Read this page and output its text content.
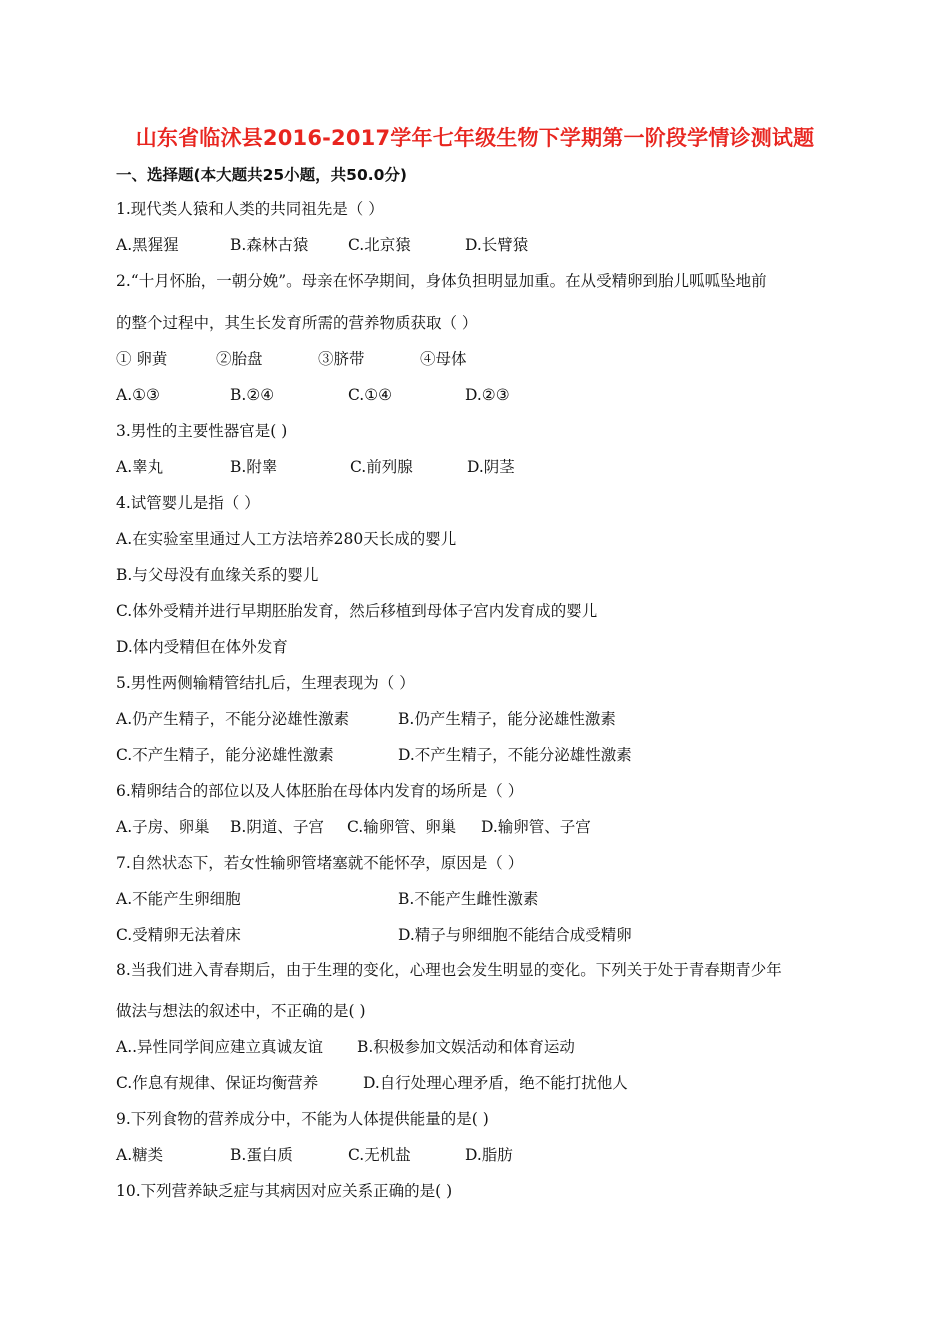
山东省临沭县2016-2017学年七年级生物下学期第一阶段学情诊测试题
一、选择题(本大题共25小题，共50.0分)
1.现代类人猿和人类的共同祖先是（ ）
A.黑猩猩	B.森林古猿	C.北京猿	D.长臂猿
2.“十月怀胎，一朝分娩”。母亲在怀孕期间，身体负担明显加重。在从受精卵到胎儿呱呱坠地前
的整个过程中，其生长发育所需的营养物质获取（ ）
① 卵黄	②胎盘	③脐带	④母体
A.①③	B.②④	C.①④	D.②③
3.男性的主要性器官是( )
A.睾丸	B.附睾	C.前列腺	D.阴茎
4.试管婴儿是指（ ）
A.在实验室里通过人工方法培养280天长成的婴儿
B.与父母没有血缘关系的婴儿
C.体外受精并进行早期胚胎发育，然后移植到母体子宫内发育成的婴儿
D.体内受精但在体外发育
5.男性两侧输精管结扎后，生理表现为（ ）
A.仍产生精子，不能分泌雄性激素	B.仍产生精子，能分泌雄性激素
C.不产生精子，能分泌雄性激素	D.不产生精子，不能分泌雄性激素
6.精卵结合的部位以及人体胚胎在母体内发育的场所是（ ）
A.子房、卵巢 B.阴道、子宫 C.输卵管、卵巢 D.输卵管、子宫
7.自然状态下，若女性输卵管堵塞就不能怀孕，原因是（ ）
A.不能产生卵细胞	B.不能产生雌性激素
C.受精卵无法着床	D.精子与卵细胞不能结合成受精卵
8.当我们进入青春期后，由于生理的变化，心理也会发生明显的变化。下列关于处于青春期青少年
做法与想法的叙述中，不正确的是( )
A..异性同学间应建立真诚友谊 B.积极参加文娱活动和体育运动
C.作息有规律、保证均衡营养	D.自行处理心理矛盾，绝不能打扰他人
9.下列食物的营养成分中，不能为人体提供能量的是( )
A.糖类	B.蛋白质	C.无机盐	D.脂肪
10.下列营养缺乏症与其病因对应关系正确的是( )
